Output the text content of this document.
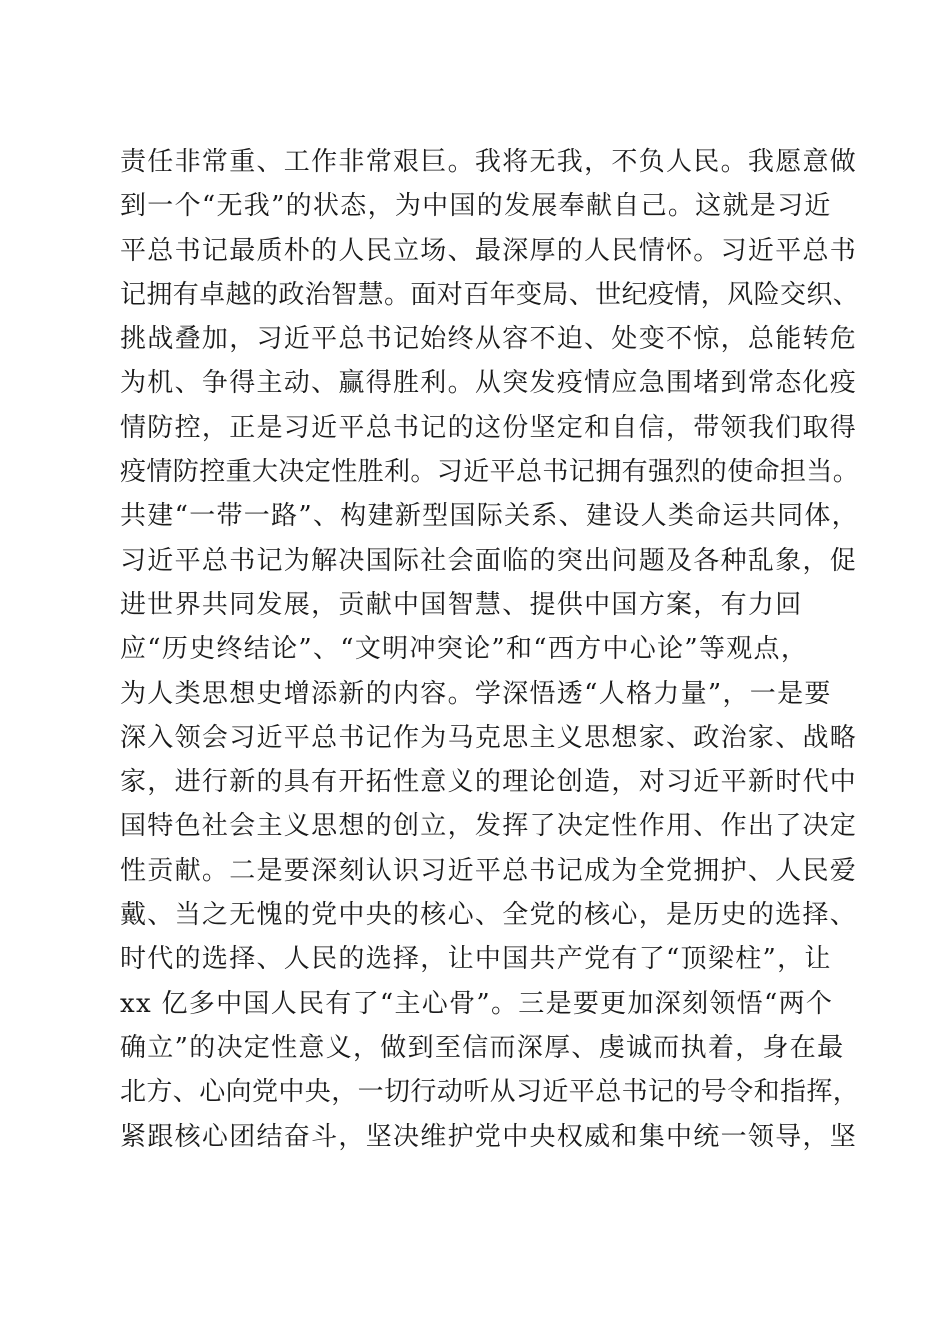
责任非常重、工作非常艰巨。我将无我，不负人民。我愿意做
到一个“无我”的状态，为中国的发展奉献自己。这就是习近
平总书记最质朴的人民立场、最深厚的人民情怀。习近平总书
记拥有卓越的政治智慧。面对百年变局、世纪疫情，风险交织、
挑战叠加，习近平总书记始终从容不迫、处变不惊，总能转危
为机、争得主动、赢得胜利。从突发疫情应急围堵到常态化疫
情防控，正是习近平总书记的这份坚定和自信，带领我们取得
疫情防控重大决定性胜利。习近平总书记拥有强烈的使命担当。
共建“一带一路”、构建新型国际关系、建设人类命运共同体，
习近平总书记为解决国际社会面临的突出问题及各种乱象，促
进世界共同发展，贡献中国智慧、提供中国方案，有力回
应“历史终结论”、“文明冲突论”和“西方中心论”等观点，
为人类思想史增添新的内容。学深悟透“人格力量”，一是要
深入领会习近平总书记作为马克思主义思想家、政治家、战略
家，进行新的具有开拓性意义的理论创造，对习近平新时代中
国特色社会主义思想的创立，发挥了决定性作用、作出了决定
性贡献。二是要深刻认识习近平总书记成为全党拥护、人民爱
戴、当之无愧的党中央的核心、全党的核心，是历史的选择、
时代的选择、人民的选择，让中国共产党有了“顶梁柱”，让
xx 亿多中国人民有了“主心骨”。三是要更加深刻领悟“两个
确立”的决定性意义，做到至信而深厚、虔诚而执着，身在最
北方、心向党中央，一切行动听从习近平总书记的号令和指挥，
紧跟核心团结奋斗，坚决维护党中央权威和集中统一领导，坚
